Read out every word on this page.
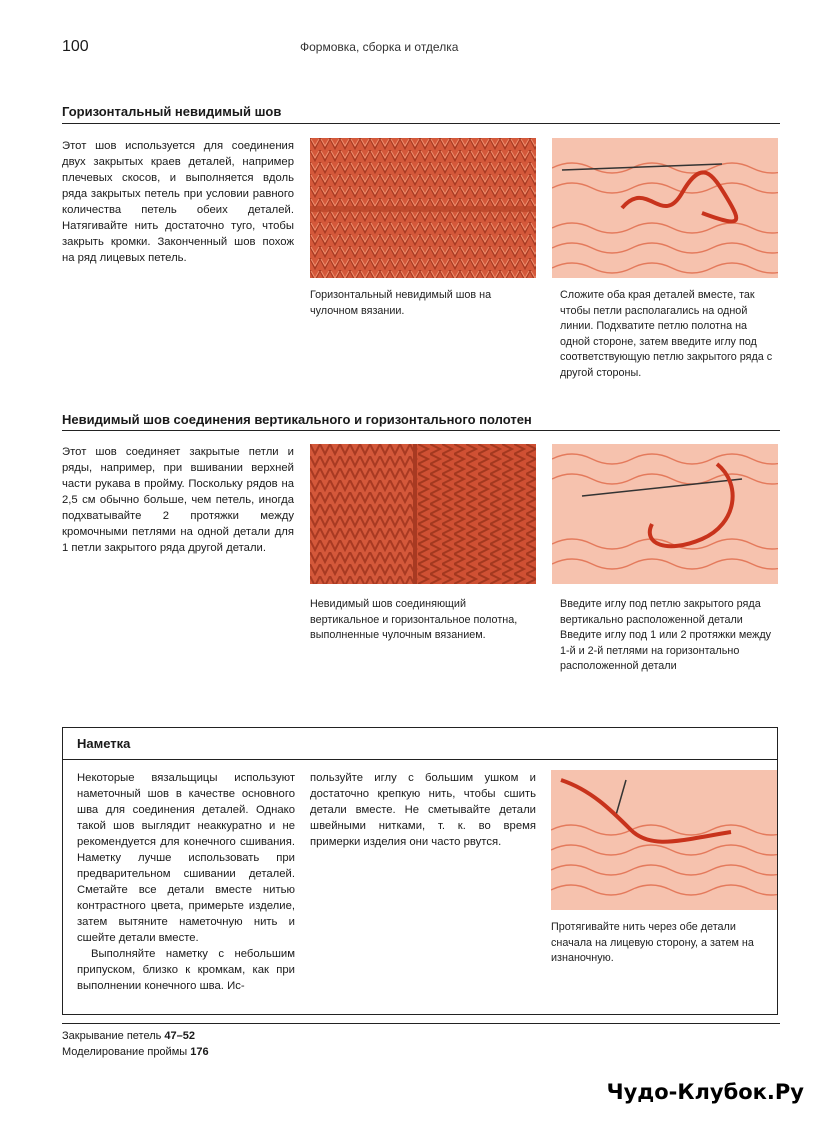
100	Формовка, сборка и отделка
Горизонтальный невидимый шов
Этот шов используется для соединения двух закрытых краев деталей, например плечевых скосов, и выполняется вдоль ряда закрытых петель при условии равного количества петель обеих деталей. Натягивайте нить достаточно туго, чтобы закрыть кромки. Законченный шов похож на ряд лицевых петель.
Горизонтальный невидимый шов на чулочном вязании.
Сложите оба края деталей вместе, так чтобы петли располагались на одной линии. Подхватите петлю полотна на одной стороне, затем введите иглу под соответствующую петлю закрытого ряда с другой стороны.
Невидимый шов соединения вертикального и горизонтального полотен
Этот шов соединяет закрытые петли и ряды, например, при вшивании верхней части рукава в пройму. Поскольку рядов на 2,5 см обычно больше, чем петель, иногда подхватывайте 2 протяжки между кромочными петлями на одной детали для 1 петли закрытого ряда другой детали.
Невидимый шов соединяющий вертикальное и горизонтальное полотна, выполненные чулочным вязанием.
Введите иглу под петлю закрытого ряда вертикально расположенной детали Введите иглу под 1 или 2 протяжки между 1-й и 2-й петлями на горизонтально расположенной детали
Наметка
Некоторые вязальщицы используют наметочный шов в качестве основного шва для соединения деталей. Однако такой шов выглядит неаккуратно и не рекомендуется для конечного сшивания. Наметку лучше использовать при предварительном сшивании деталей. Сметайте все детали вместе нитью контрастного цвета, примерьте изделие, затем вытяните наметочную нить и сшейте детали вместе.
Выполняйте наметку с небольшим припуском, близко к кромкам, как при выполнении конечного шва. Ис-
пользуйте иглу с большим ушком и достаточно крепкую нить, чтобы сшить детали вместе. Не сметывайте детали швейными нитками, т. к. во время примерки изделия они часто рвутся.
Протягивайте нить через обе детали сначала на лицевую сторону, а затем на изнаночную.
Закрывание петель 47–52
Моделирование проймы 176
Чудо-Клубок.Ру
